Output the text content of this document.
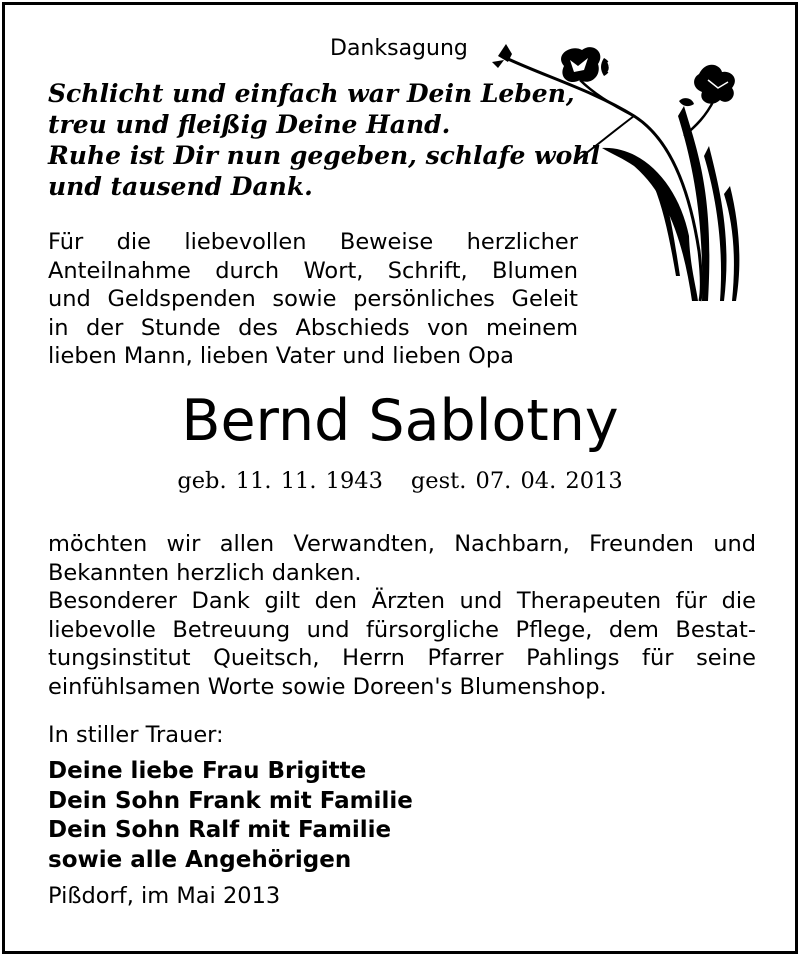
Danksagung
Schlicht und einfach war Dein Leben,
treu und fleißig Deine Hand.
Ruhe ist Dir nun gegeben, schlafe wohl
und tausend Dank.
Für die liebevollen Beweise herzlicher
Anteilnahme durch Wort, Schrift, Blumen
und Geldspenden sowie persönliches Geleit
in der Stunde des Abschieds von meinem
lieben Mann, lieben Vater und lieben Opa
Bernd Sablotny
geb. 11. 11. 1943 gest. 07. 04. 2013
möchten wir allen Verwandten, Nachbarn, Freunden und
Bekannten herzlich danken.
Besonderer Dank gilt den Ärzten und Therapeuten für die
liebevolle Betreuung und fürsorgliche Pflege, dem Bestat-
tungsinstitut Queitsch, Herrn Pfarrer Pahlings für seine
einfühlsamen Worte sowie Doreen's Blumenshop.
In stiller Trauer:
Deine liebe Frau Brigitte
Dein Sohn Frank mit Familie
Dein Sohn Ralf mit Familie
sowie alle Angehörigen
Pißdorf, im Mai 2013
